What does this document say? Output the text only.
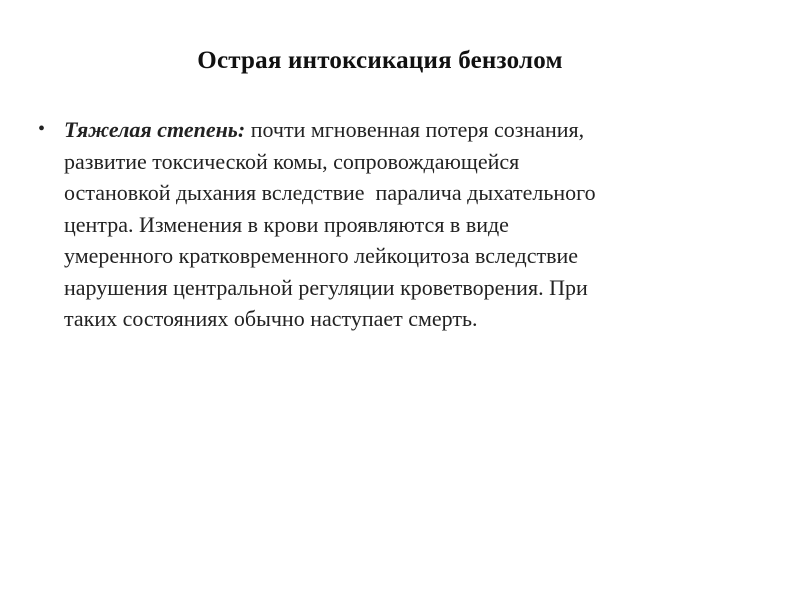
Острая интоксикация бензолом
• Тяжелая степень: почти мгновенная потеря сознания,
развитие токсической комы, сопровождающейся
остановкой дыхания вследствие  паралича дыхательного
центра. Изменения в крови проявляются в виде
умеренного кратковременного лейкоцитоза вследствие
нарушения центральной регуляции кроветворения. При
таких состояниях обычно наступает смерть.
